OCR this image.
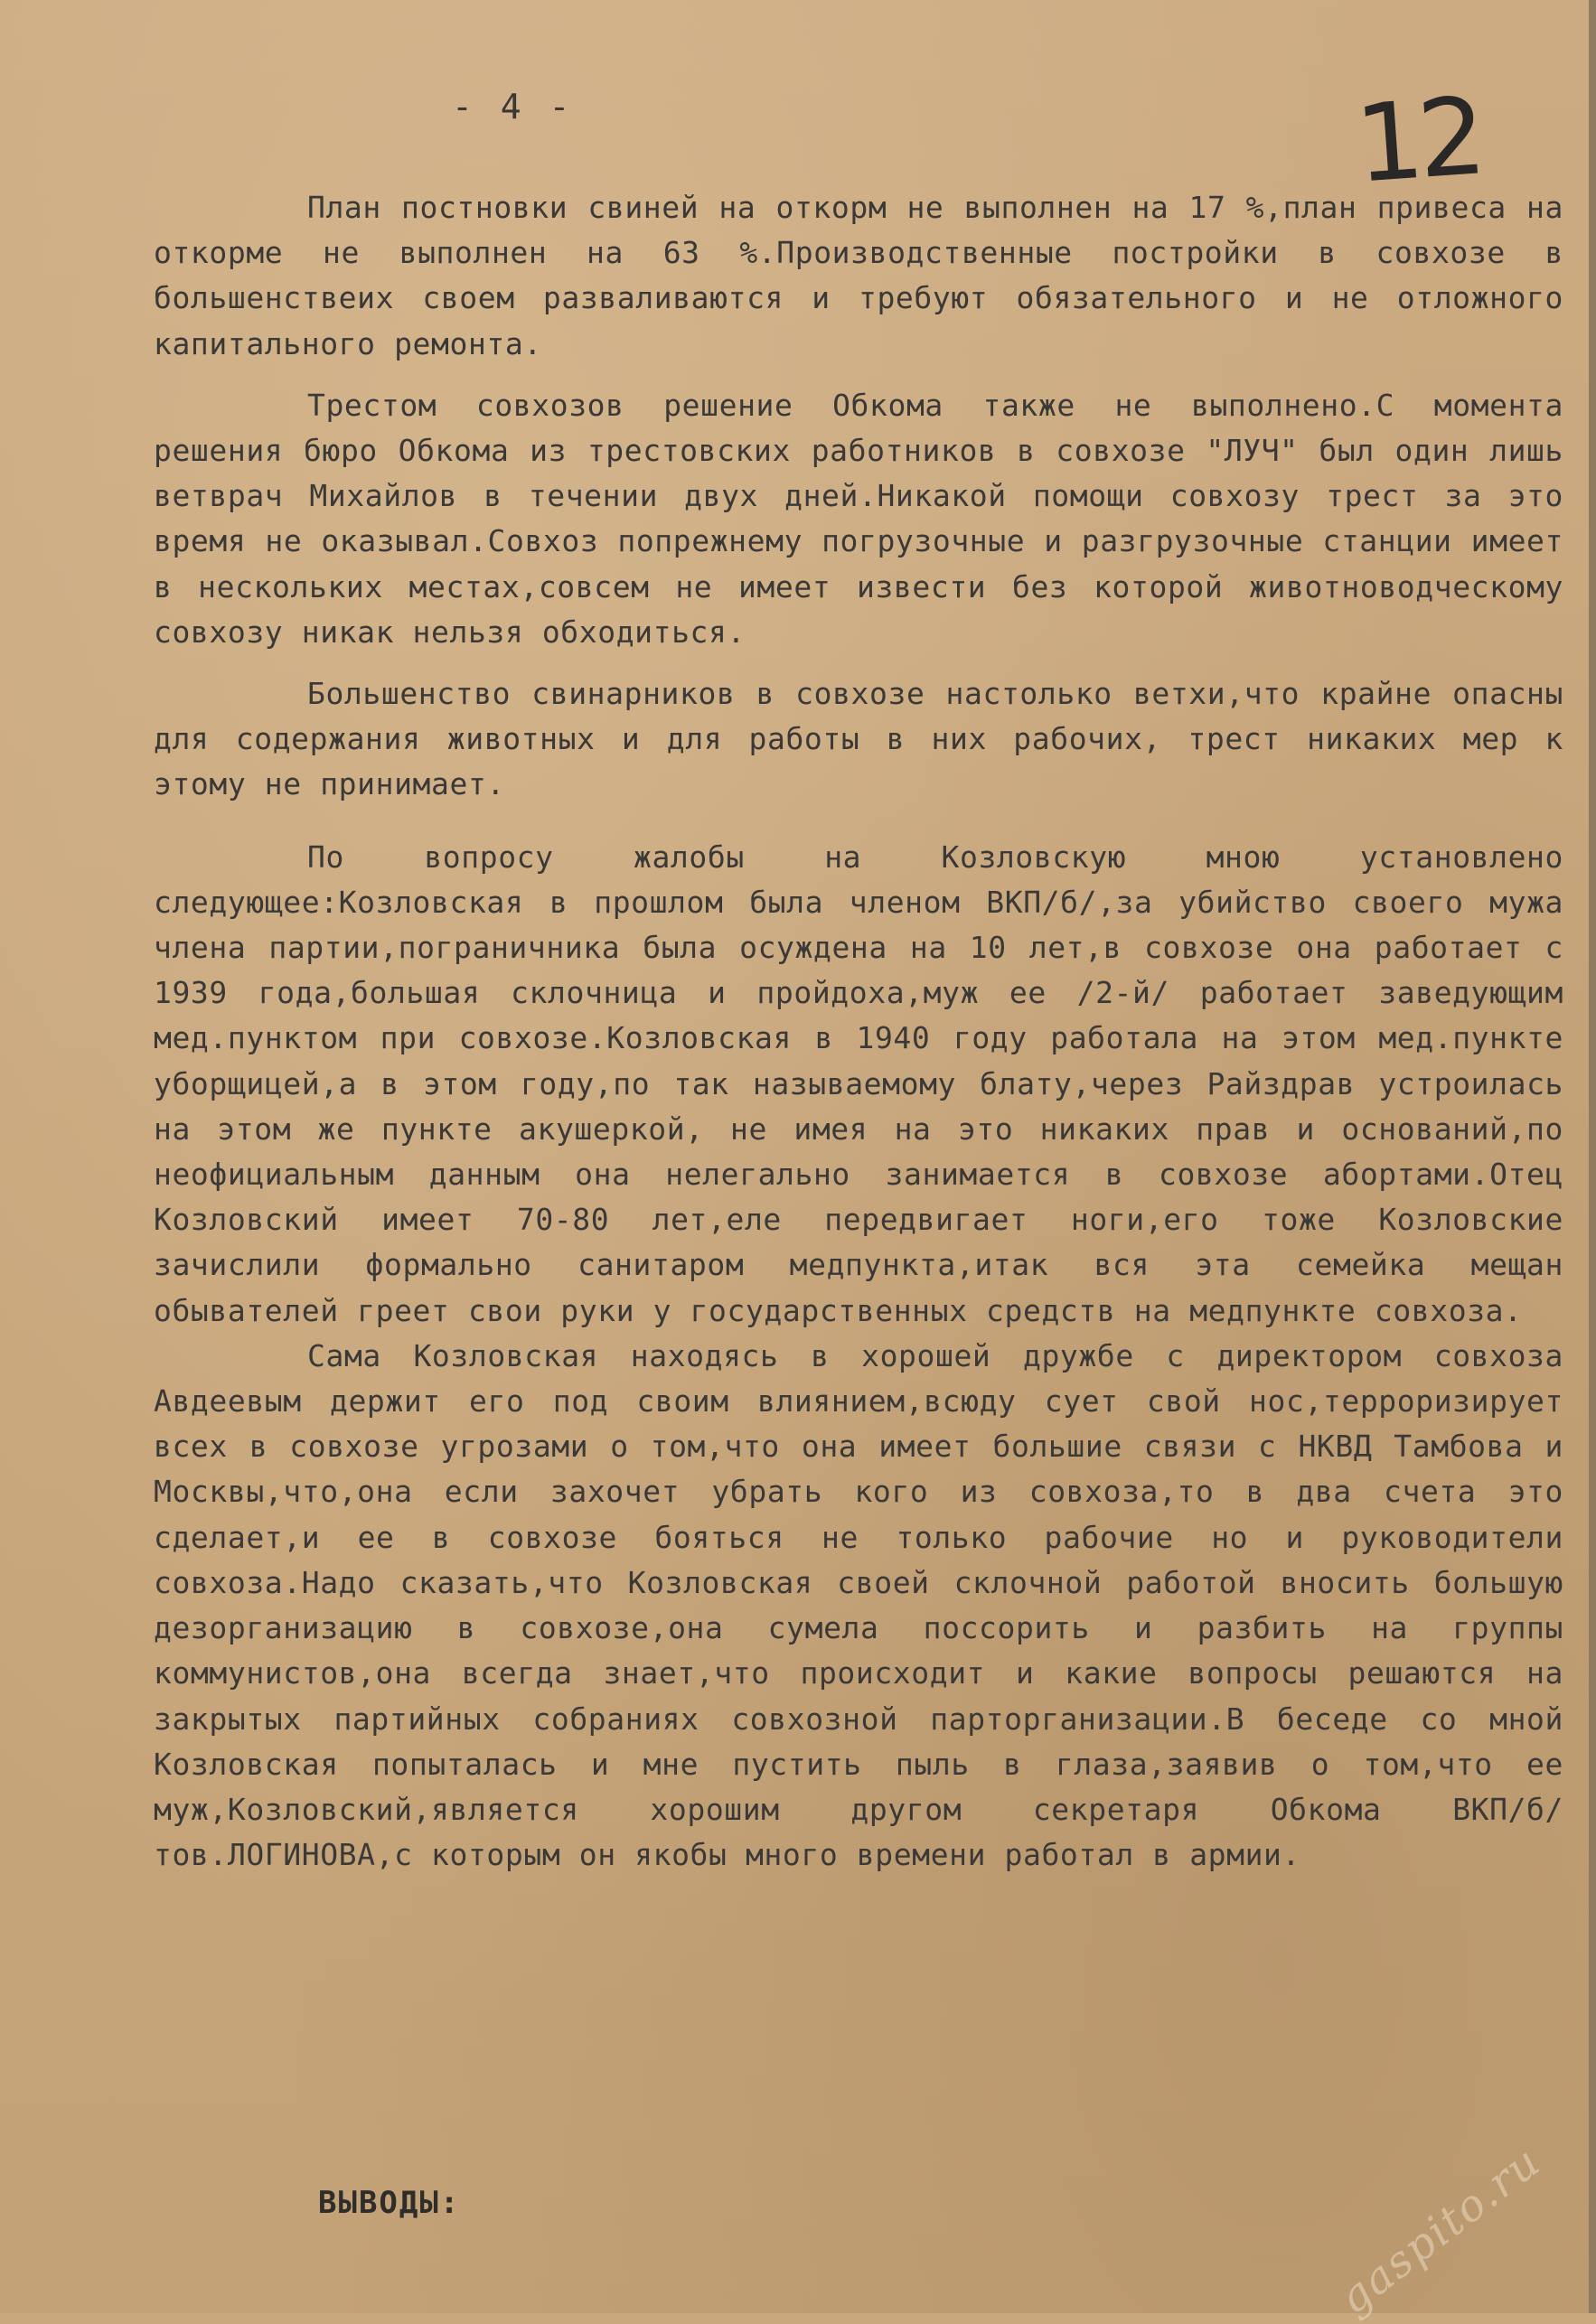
- 4 -	12

План постновки свиней на откорм не выполнен на 17 %,план привеса на откорме не выполнен на 63 %.Производственные постройки в совхозе в большенствеих своем разваливаются и требуют обязательного и не отложного капитального ремонта.

Трестом совхозов решение Обкома также не выполнено.С момента решения бюро Обкома из трестовских работников в совхозе "ЛУЧ" был один лишь ветврач Михайлов в течении двух дней.Никакой помощи совхозу трест за это время не оказывал.Совхоз попрежнему погрузочные и разгрузочные станции имеет в нескольких местах,совсем не имеет извести без которой животноводческому совхозу никак нельзя обходиться.

Большенство свинарников в совхозе настолько ветхи,что крайне опасны для содержания животных и для работы в них рабочих, трест никаких мер к этому не принимает.

По вопросу жалобы на Козловскую мною установлено следующее:Козловская в прошлом была членом ВКП/б/,за убийство своего мужа члена партии,пограничника была осуждена на 10 лет,в совхозе она работает с 1939 года,большая склочница и пройдоха,муж ее /2-й/ работает заведующим мед.пунктом при совхозе.Козловская в 1940 году работала на этом мед.пункте уборщицей,а в этом году,по так называемому блату,через Райздрав устроилась на этом же пункте акушеркой, не имея на это никаких прав и оснований,по неофициальным данным она нелегально занимается в совхозе абортами.Отец Козловский имеет 70-80 лет,еле передвигает ноги,его тоже Козловские зачислили формально санитаром медпункта,итак вся эта семейка мещан обывателей греет свои руки у государственных средств на медпункте совхоза.

Сама Козловская находясь в хорошей дружбе с директором совхоза Авдеевым держит его под своим влиянием,всюду сует свой нос,терроризирует всех в совхозе угрозами о том,что она имеет большие связи с НКВД Тамбова и Москвы,что,она если захочет убрать кого из совхоза,то в два счета это сделает,и ее в совхозе бояться не только рабочие но и руководители совхоза.Надо сказать,что Козловская своей склочной работой вносить большую дезорганизацию в совхозе,она сумела поссорить и разбить на группы коммунистов,она всегда знает,что происходит и какие вопросы решаются на закрытых партийных собраниях совхозной парторганизации.В беседе со мной Козловская попыталась и мне пустить пыль в глаза,заявив о том,что ее муж,Козловский,является хорошим другом секретаря Обкома ВКП/б/ тов.ЛОГИНОВА,с которым он якобы много времени работал в армии.

ВЫВОДЫ:	gaspito.ru
